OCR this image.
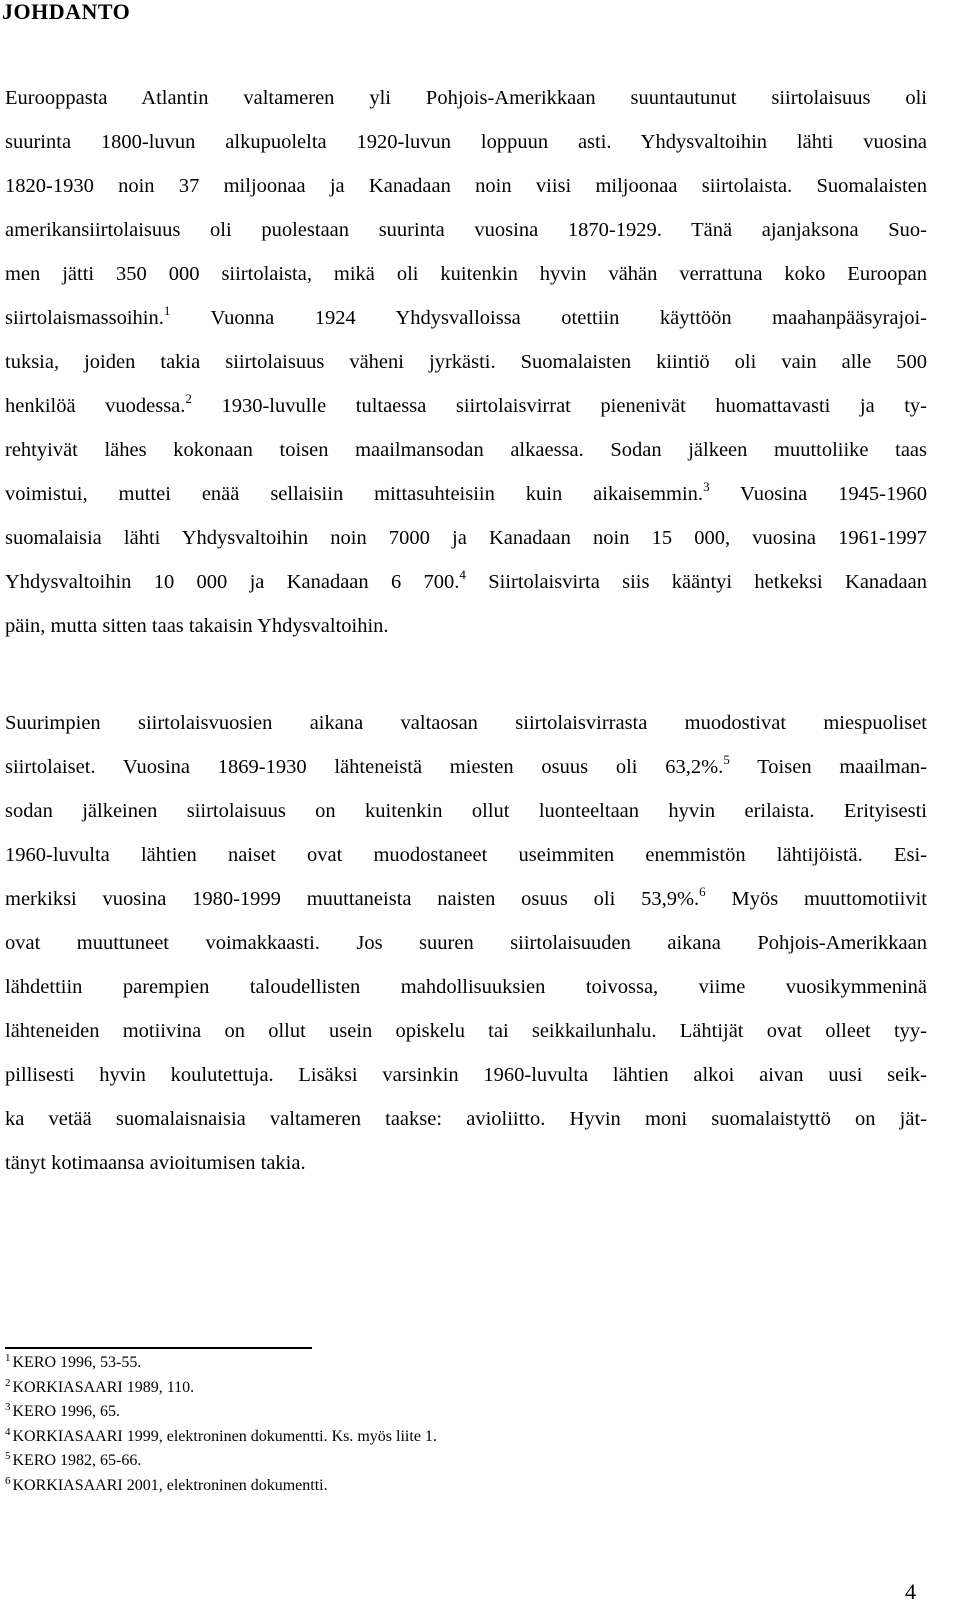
JOHDANTO
Eurooppasta Atlantin valtameren yli Pohjois-Amerikkaan suuntautunut siirtolaisuus oli
suurinta 1800-luvun alkupuolelta 1920-luvun loppuun asti. Yhdysvaltoihin lähti vuosina
1820-1930 noin 37 miljoonaa ja Kanadaan noin viisi miljoonaa siirtolaista. Suomalaisten
amerikansiirtolaisuus oli puolestaan suurinta vuosina 1870-1929. Tänä ajanjaksona Suo-
men jätti 350 000 siirtolaista, mikä oli kuitenkin hyvin vähän verrattuna koko Euroopan
siirtolaismassoihin.$^1$ Vuonna 1924 Yhdysvalloissa otettiin käyttöön maahanpääsyrajoi-
tuksia, joiden takia siirtolaisuus väheni jyrkästi. Suomalaisten kiintiö oli vain alle 500
henkilöä vuodessa.$^2$ 1930-luvulle tultaessa siirtolaisvirrat pienenivät huomattavasti ja ty-
rehtyivät lähes kokonaan toisen maailmansodan alkaessa. Sodan jälkeen muuttoliike taas
voimistui, muttei enää sellaisiin mittasuhteisiin kuin aikaisemmin.$^3$ Vuosina 1945-1960
suomalaisia lähti Yhdysvaltoihin noin 7000 ja Kanadaan noin 15 000, vuosina 1961-1997
Yhdysvaltoihin 10 000 ja Kanadaan 6 700.$^4$ Siirtolaisvirta siis kääntyi hetkeksi Kanadaan
päin, mutta sitten taas takaisin Yhdysvaltoihin.
Suurimpien siirtolaisvuosien aikana valtaosan siirtolaisvirrasta muodostivat miespuoliset
siirtolaiset. Vuosina 1869-1930 lähteneistä miesten osuus oli 63,2%.$^5$ Toisen maailman-
sodan jälkeinen siirtolaisuus on kuitenkin ollut luonteeltaan hyvin erilaista. Erityisesti
1960-luvulta lähtien naiset ovat muodostaneet useimmiten enemmistön lähtijöistä. Esi-
merkiksi vuosina 1980-1999 muuttaneista naisten osuus oli 53,9%.$^6$ Myös muuttomotiivit
ovat muuttuneet voimakkaasti. Jos suuren siirtolaisuuden aikana Pohjois-Amerikkaan
lähdettiin parempien taloudellisten mahdollisuuksien toivossa, viime vuosikymmeninä
lähteneiden motiivina on ollut usein opiskelu tai seikkailunhalu. Lähtijät ovat olleet tyy-
pillisesti hyvin koulutettuja. Lisäksi varsinkin 1960-luvulta lähtien alkoi aivan uusi seik-
ka vetää suomalaisnaisia valtameren taakse: avioliitto. Hyvin moni suomalaistyttö on jät-
tänyt kotimaansa avioitumisen takia.
$^1$ KERO 1996, 53-55.
$^2$ KORKIASAARI 1989, 110.
$^3$ KERO 1996, 65.
$^4$ KORKIASAARI 1999, elektroninen dokumentti. Ks. myös liite 1.
$^5$ KERO 1982, 65-66.
$^6$ KORKIASAARI 2001, elektroninen dokumentti.
4
